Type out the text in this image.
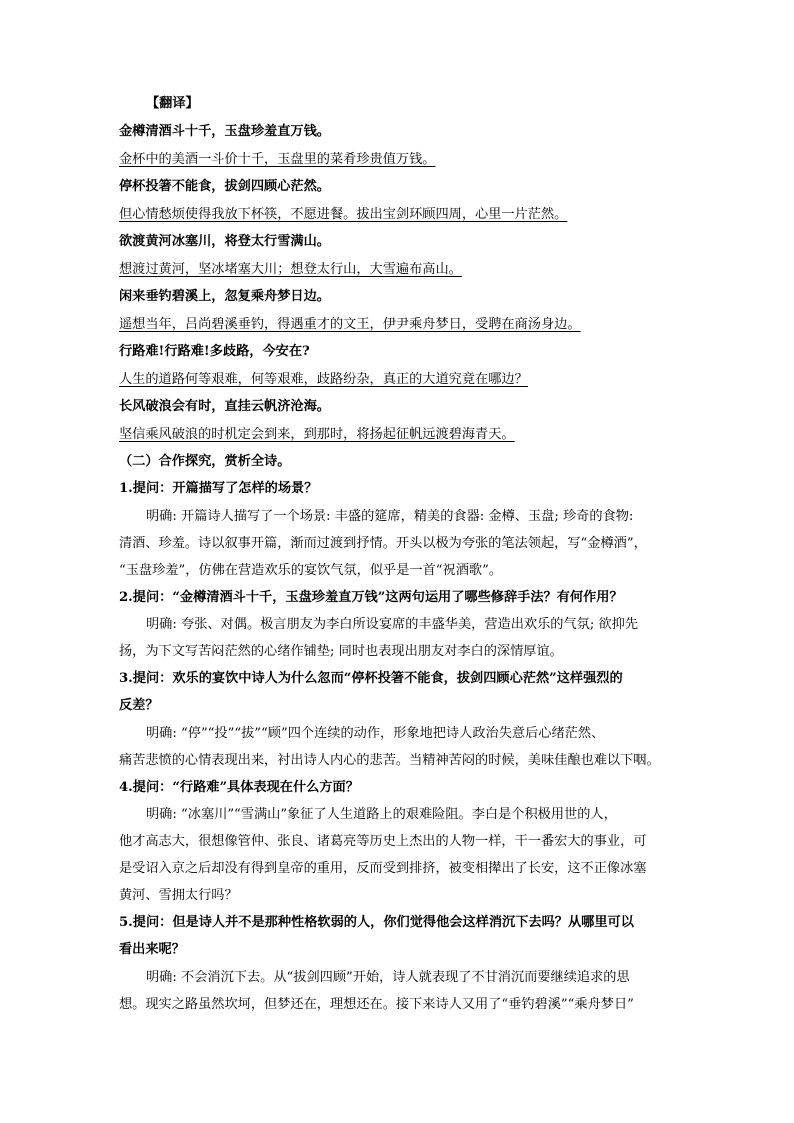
【翻译】
金樽清酒斗十千，玉盘珍羞直万钱。
金杯中的美酒一斗价十千，玉盘里的菜肴珍贵值万钱。
停杯投箸不能食，拔剑四顾心茫然。
但心情愁烦使得我放下杯筷，不愿进餐。拔出宝剑环顾四周，心里一片茫然。
欲渡黄河冰塞川，将登太行雪满山。
想渡过黄河，坚冰堵塞大川；想登太行山，大雪遍布高山。
闲来垂钓碧溪上，忽复乘舟梦日边。
遥想当年，吕尚碧溪垂钓，得遇重才的文王，伊尹乘舟梦日，受聘在商汤身边。
行路难!行路难!多歧路，今安在?
人生的道路何等艰难，何等艰难，歧路纷杂，真正的大道究竟在哪边？
长风破浪会有时，直挂云帆济沧海。
坚信乘风破浪的时机定会到来，到那时，将扬起征帆远渡碧海青天。
（二）合作探究，赏析全诗。
1.提问：开篇描写了怎样的场景？
明确: 开篇诗人描写了一个场景: 丰盛的筵席，精美的食器: 金樽、玉盘; 珍奇的食物:
清酒、珍羞。诗以叙事开篇，渐而过渡到抒情。开头以极为夸张的笔法领起，写“金樽酒”，
“玉盘珍羞”，仿佛在营造欢乐的宴饮气氛，似乎是一首“祝酒歌”。
2.提问：“金樽清酒斗十千，玉盘珍羞直万钱”这两句运用了哪些修辞手法？有何作用？
明确: 夸张、对偶。极言朋友为李白所设宴席的丰盛华美，营造出欢乐的气氛; 欲抑先
扬，为下文写苦闷茫然的心绪作铺垫; 同时也表现出朋友对李白的深情厚谊。
3.提问：欢乐的宴饮中诗人为什么忽而“停杯投箸不能食，拔剑四顾心茫然”这样强烈的
反差？
明确: “停”“投”“拔”“顾”四个连续的动作，形象地把诗人政治失意后心绪茫然、
痛苦悲愤的心情表现出来，衬出诗人内心的悲苦。当精神苦闷的时候，美味佳酿也难以下咽。
4.提问：“行路难”具体表现在什么方面？
明确: “冰塞川”“雪满山”象征了人生道路上的艰难险阻。李白是个积极用世的人，
他才高志大，很想像管仲、张良、诸葛亮等历史上杰出的人物一样，干一番宏大的事业，可
是受诏入京之后却没有得到皇帝的重用，反而受到排挤，被变相撵出了长安，这不正像冰塞
黄河、雪拥太行吗？
5.提问：但是诗人并不是那种性格软弱的人，你们觉得他会这样消沉下去吗？从哪里可以
看出来呢？
明确: 不会消沉下去。从“拔剑四顾”开始，诗人就表现了不甘消沉而要继续追求的思
想。现实之路虽然坎坷，但梦还在，理想还在。接下来诗人又用了“垂钓碧溪”“乘舟梦日”
